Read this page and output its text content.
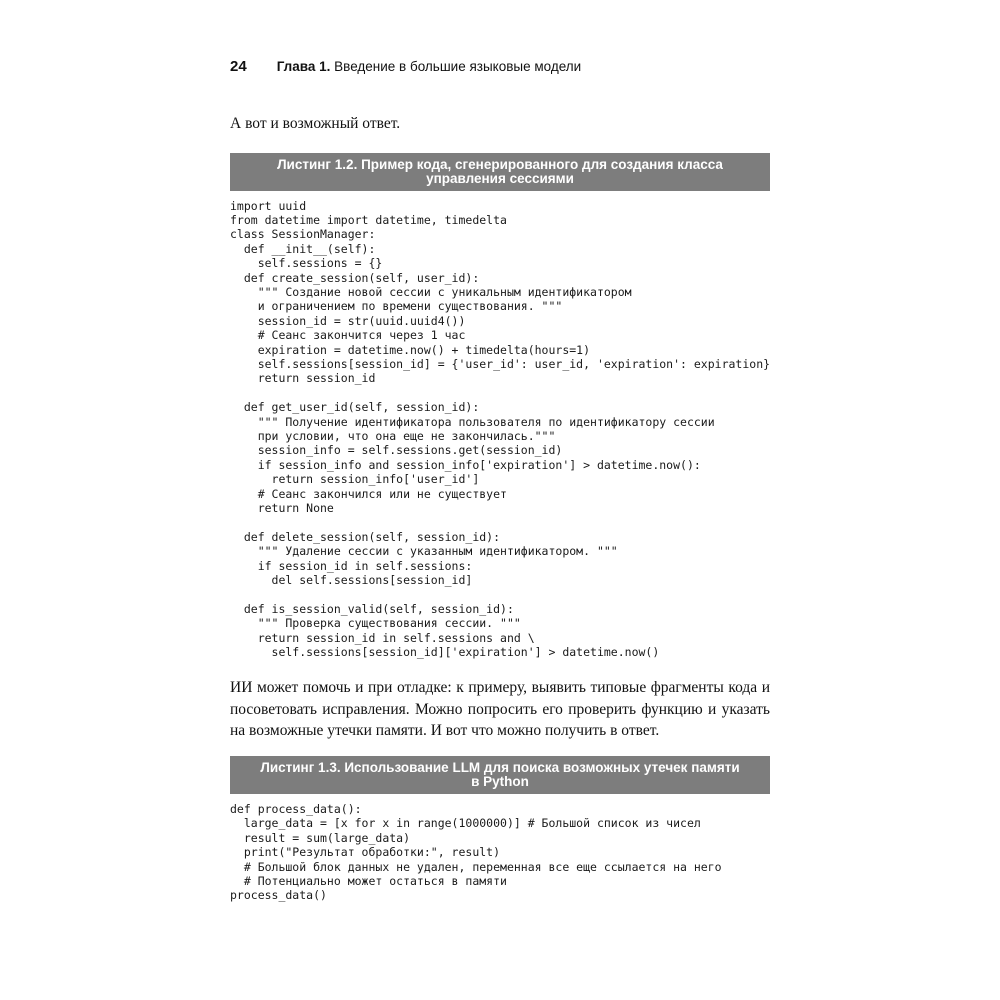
24 Глава 1. Введение в большие языковые модели

А вот и возможный ответ.

Листинг 1.2. Пример кода, сгенерированного для создания класса
управления сессиями
import uuid
from datetime import datetime, timedelta
class SessionManager:
def __init__(self):
self.sessions = {}
def create_session(self, user_id):
""" Создание новой сессии с уникальным идентификатором
и ограничением по времени существования. """
session_id = str(uuid.uuid4())
# Сеанс закончится через 1 час
expiration = datetime.now() + timedelta(hours=1)
self.sessions[session_id] = {'user_id': user_id, 'expiration': expiration}
return session_id
def get_user_id(self, session_id):
""" Получение идентификатора пользователя по идентификатору сессии
при условии, что она еще не закончилась."""
session_info = self.sessions.get(session_id)
if session_info and session_info['expiration'] > datetime.now():
return session_info['user_id']
# Сеанс закончился или не существует
return None
def delete_session(self, session_id):
""" Удаление сессии с указанным идентификатором. """
if session_id in self.sessions:
del self.sessions[session_id]
def is_session_valid(self, session_id):
""" Проверка существования сессии. """
return session_id in self.sessions and \
self.sessions[session_id]['expiration'] > datetime.now()

ИИ может помочь и при отладке: к примеру, выявить типовые фрагменты кода и посоветовать исправления. Можно попросить его проверить функцию и указать на возможные утечки памяти. И вот что можно получить в ответ.

Листинг 1.3. Использование LLM для поиска возможных утечек памяти
в Python
def process_data():
large_data = [x for x in range(1000000)] # Большой список из чисел
result = sum(large_data)
print("Результат обработки:", result)
# Большой блок данных не удален, переменная все еще ссылается на него
# Потенциально может остаться в памяти
process_data()
